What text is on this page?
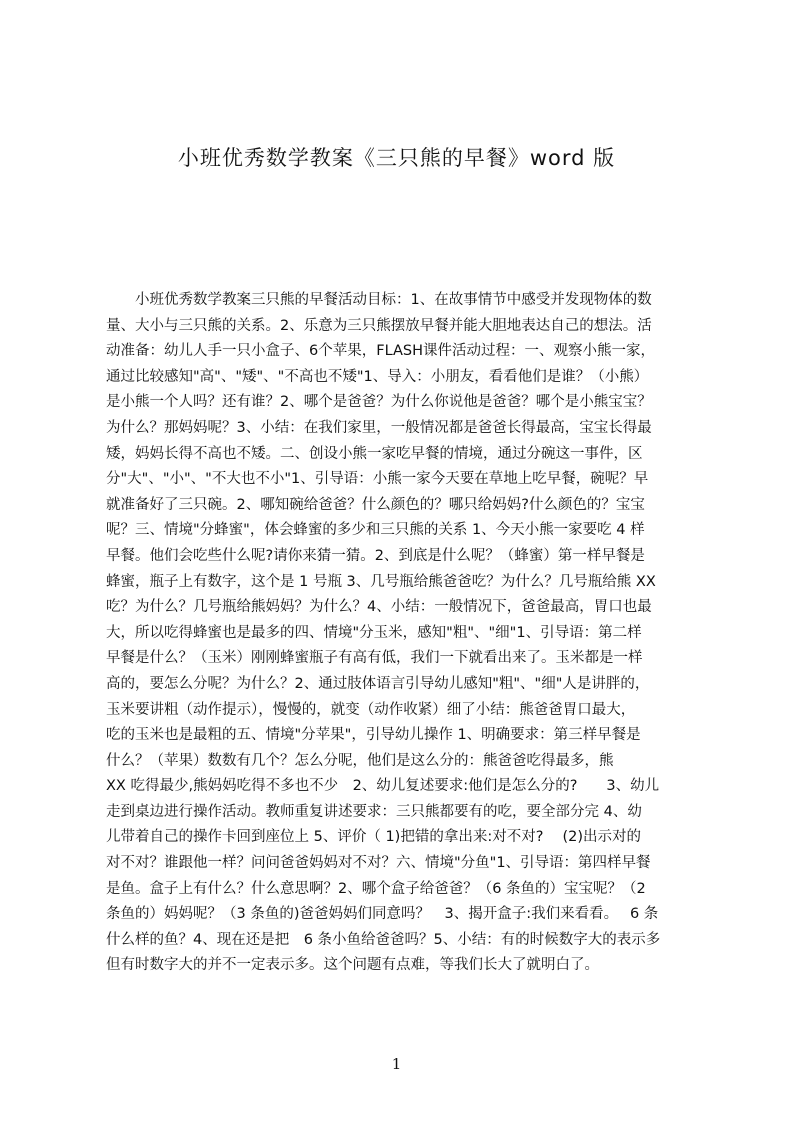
小班优秀数学教案《三只熊的早餐》word 版
　　小班优秀数学教案三只熊的早餐活动目标：1、在故事情节中感受并发现物体的数
量、大小与三只熊的关系。2、乐意为三只熊摆放早餐并能大胆地表达自己的想法。活
动准备：幼儿人手一只小盒子、6个苹果，FLASH课件活动过程：一、观察小熊一家，
通过比较感知"高"、"矮"、"不高也不矮"1、导入：小朋友，看看他们是谁？（小熊）
是小熊一个人吗？还有谁？2、哪个是爸爸？为什么你说他是爸爸？哪个是小熊宝宝？
为什么？那妈妈呢？3、小结：在我们家里，一般情况都是爸爸长得最高，宝宝长得最
矮，妈妈长得不高也不矮。二、创设小熊一家吃早餐的情境，通过分碗这一事件，区
分"大"、"小"、"不大也不小"1、引导语：小熊一家今天要在草地上吃早餐，碗呢？早
就准备好了三只碗。2、哪知碗给爸爸？什么颜色的？哪只给妈妈?什么颜色的？宝宝
呢？三、情境"分蜂蜜"，体会蜂蜜的多少和三只熊的关系 1、今天小熊一家要吃 4 样
早餐。他们会吃些什么呢?请你来猜一猜。2、到底是什么呢？（蜂蜜）第一样早餐是
蜂蜜，瓶子上有数字，这个是 1 号瓶 3、几号瓶给熊爸爸吃？为什么？几号瓶给熊 XX
吃？为什么？几号瓶给熊妈妈？为什么？4、小结：一般情况下，爸爸最高，胃口也最
大，所以吃得蜂蜜也是最多的四、情境"分玉米，感知"粗"、"细"1、引导语：第二样
早餐是什么？（玉米）刚刚蜂蜜瓶子有高有低，我们一下就看出来了。玉米都是一样
高的，要怎么分呢？为什么？2、通过肢体语言引导幼儿感知"粗"、"细"人是讲胖的，
玉米要讲粗（动作提示），慢慢的，就变（动作收紧）细了小结：熊爸爸胃口最大，
吃的玉米也是最粗的五、情境"分苹果"，引导幼儿操作 1、明确要求：第三样早餐是
什么？（苹果）数数有几个？怎么分呢，他们是这么分的：熊爸爸吃得最多，熊
XX 吃得最少,熊妈妈吃得不多也不少　2、幼儿复述要求:他们是怎么分的?　　3、幼儿
走到桌边进行操作活动。教师重复讲述要求：三只熊都要有的吃，要全部分完 4、幼
儿带着自己的操作卡回到座位上 5、评价（ 1)把错的拿出来:对不对?　 (2)出示对的
对不对？谁跟他一样？问问爸爸妈妈对不对？六、情境"分鱼"1、引导语：第四样早餐
是鱼。盒子上有什么？什么意思啊？2、哪个盒子给爸爸？（6 条鱼的）宝宝呢？（2
条鱼的）妈妈呢？（3 条鱼的)爸爸妈妈们同意吗？　3、揭开盒子:我们来看看。　 6 条
什么样的鱼？4、现在还是把　6 条小鱼给爸爸吗？5、小结：有的时候数字大的表示多
但有时数字大的并不一定表示多。这个问题有点难，等我们长大了就明白了。
1
